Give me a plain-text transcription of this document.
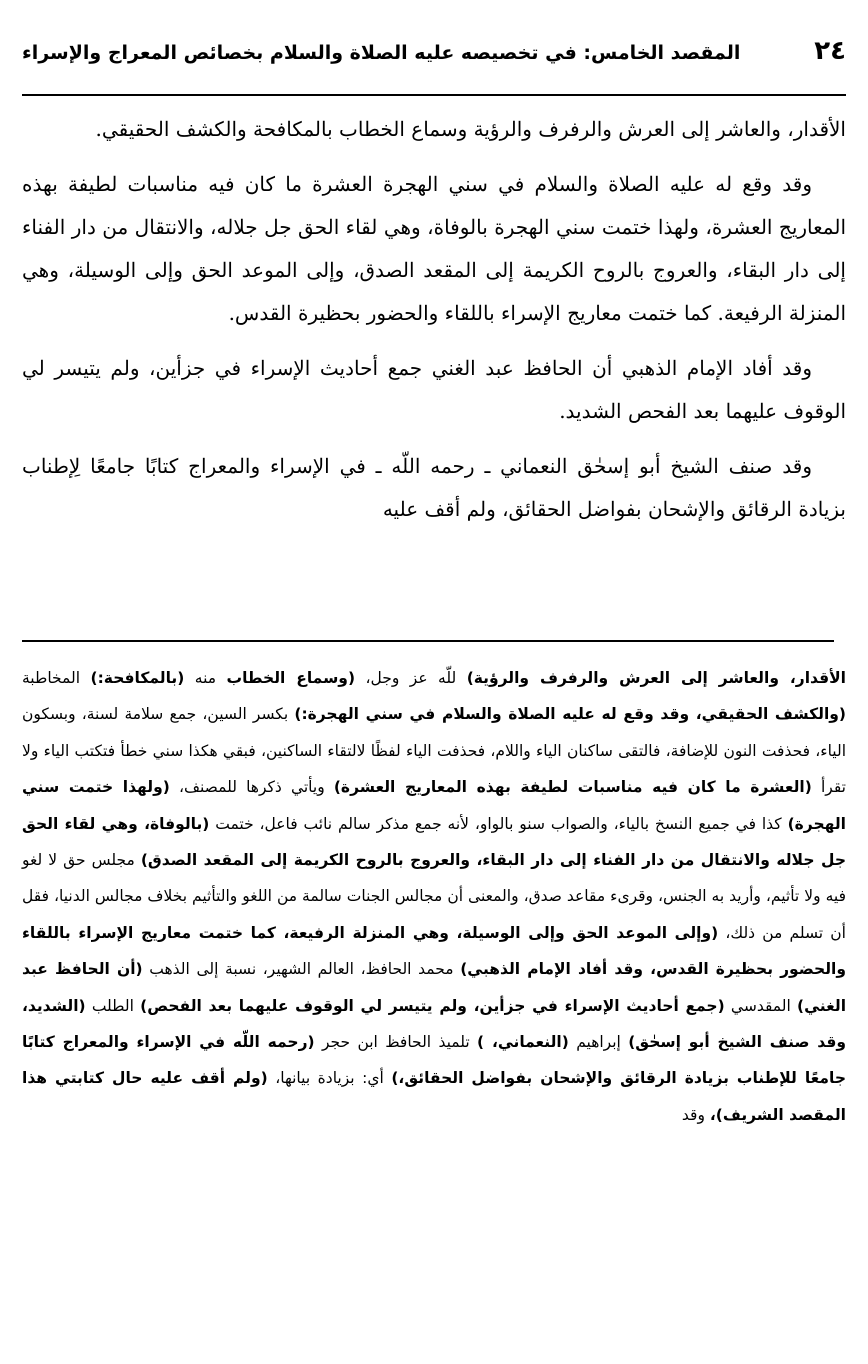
٢٤
المقصد الخامس: في تخصيصه عليه الصلاة والسلام بخصائص المعراج والإسراء

الأقدار، والعاشر إلى العرش والرفرف والرؤية وسماع الخطاب بالمكافحة والكشف الحقيقي.

وقد وقع له عليه الصلاة والسلام في سني الهجرة العشرة ما كان فيه مناسبات لطيفة بهذه المعاريج العشرة، ولهذا ختمت سني الهجرة بالوفاة، وهي لقاء الحق جل جلاله، والانتقال من دار الفناء إلى دار البقاء، والعروج بالروح الكريمة إلى المقعد الصدق، وإلى الموعد الحق وإلى الوسيلة، وهي المنزلة الرفيعة. كما ختمت معاريج الإسراء باللقاء والحضور بحظيرة القدس.

وقد أفاد الإمام الذهبي أن الحافظ عبد الغني جمع أحاديث الإسراء في جزأين، ولم يتيسر لي الوقوف عليهما بعد الفحص الشديد.

وقد صنف الشيخ أبو إسحٰق النعماني ـ رحمه اللّه ـ في الإسراء والمعراج كتابًا جامعًا لِإطناب بزيادة الرقائق والإشحان بفواضل الحقائق، ولم أقف عليه

الأقدار، والعاشر إلى العرش والرفرف والرؤية) للّه عز وجل، (وسماع الخطاب منه (بالمكافحة:) المخاطبة (والكشف الحقيقي، وقد وقع له عليه الصلاة والسلام في سني الهجرة:) بكسر السين، جمع سلامة لسنة، وبسكون الياء، فحذفت النون للإضافة، فالتقى ساكنان الياء واللام، فحذفت الياء لفظًا لالتقاء الساكنين، فبقي هكذا سني خطأ فتكتب الياء ولا تقرأ (العشرة ما كان فيه مناسبات لطيفة بهذه المعاريج العشرة) ويأتي ذكرها للمصنف، (ولهذا ختمت سني الهجرة) كذا في جميع النسخ بالياء، والصواب سنو بالواو، لأنه جمع مذكر سالم نائب فاعل، ختمت (بالوفاة، وهي لقاء الحق جل جلاله والانتقال من دار الفناء إلى دار البقاء، والعروج بالروح الكريمة إلى المقعد الصدق) مجلس حق لا لغو فيه ولا تأثيم، وأريد به الجنس، وقرىء مقاعد صدق، والمعنى أن مجالس الجنات سالمة من اللغو والتأثيم بخلاف مجالس الدنيا، فقل أن تسلم من ذلك، (وإلى الموعد الحق وإلى الوسيلة، وهي المنزلة الرفيعة، كما ختمت معاريج الإسراء باللقاء والحضور بحظيرة القدس، وقد أفاد الإمام الذهبي) محمد الحافظ، العالم الشهير، نسبة إلى الذهب (أن الحافظ عبد الغني) المقدسي (جمع أحاديث الإسراء في جزأين، ولم يتيسر لي الوقوف عليهما بعد الفحص) الطلب (الشديد، وقد صنف الشيخ أبو إسحٰق) إبراهيم (النعماني، ) تلميذ الحافظ ابن حجر (رحمه اللّه في الإسراء والمعراج كتابًا جامعًا للإطناب بزيادة الرقائق والإشحان بفواضل الحقائق،) أي: بزيادة بيانها، (ولم أقف عليه حال كتابتي هذا المقصد الشريف)، وقد
